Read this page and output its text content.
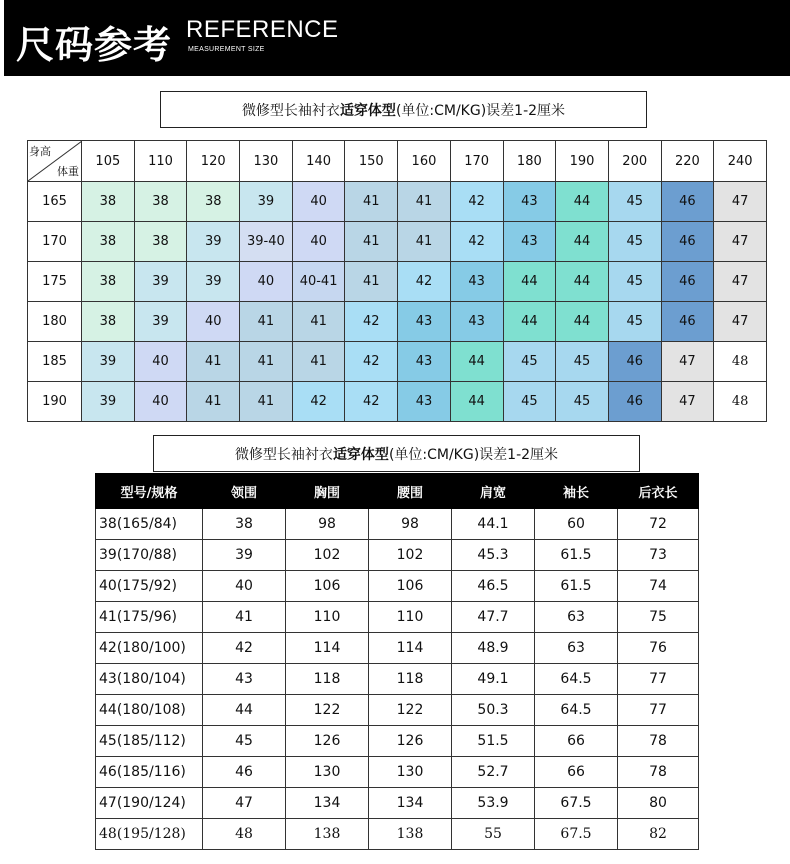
尺码参考 REFERENCE
MEASUREMENT SIZE
微修型长袖衬衣 适穿体型 (单位:CM/KG)误差1-2厘米
身高
体重	105	110	120	130	140	150	160	170	180	190	200	220	240
165	38	38	38	39	40	41	41	42	43	44	45	46	47
170	38	38	39	39-40	40	41	41	42	43	44	45	46	47
175	38	39	39	40	40-41	41	42	43	44	44	45	46	47
180	38	39	40	41	41	42	43	43	44	44	45	46	47
185	39	40	41	41	41	42	43	44	45	45	46	47	48
190	39	40	41	41	42	42	43	44	45	45	46	47	48
微修型长袖衬衣 适穿体型 (单位:CM/KG)误差1-2厘米
型号/规格	领围	胸围	腰围	肩宽	袖长	后衣长
38(165/84)	38	98	98	44.1	60	72
39(170/88)	39	102	102	45.3	61.5	73
40(175/92)	40	106	106	46.5	61.5	74
41(175/96)	41	110	110	47.7	63	75
42(180/100)	42	114	114	48.9	63	76
43(180/104)	43	118	118	49.1	64.5	77
44(180/108)	44	122	122	50.3	64.5	77
45(185/112)	45	126	126	51.5	66	78
46(185/116)	46	130	130	52.7	66	78
47(190/124)	47	134	134	53.9	67.5	80
48(195/128)	48	138	138	55	67.5	82
